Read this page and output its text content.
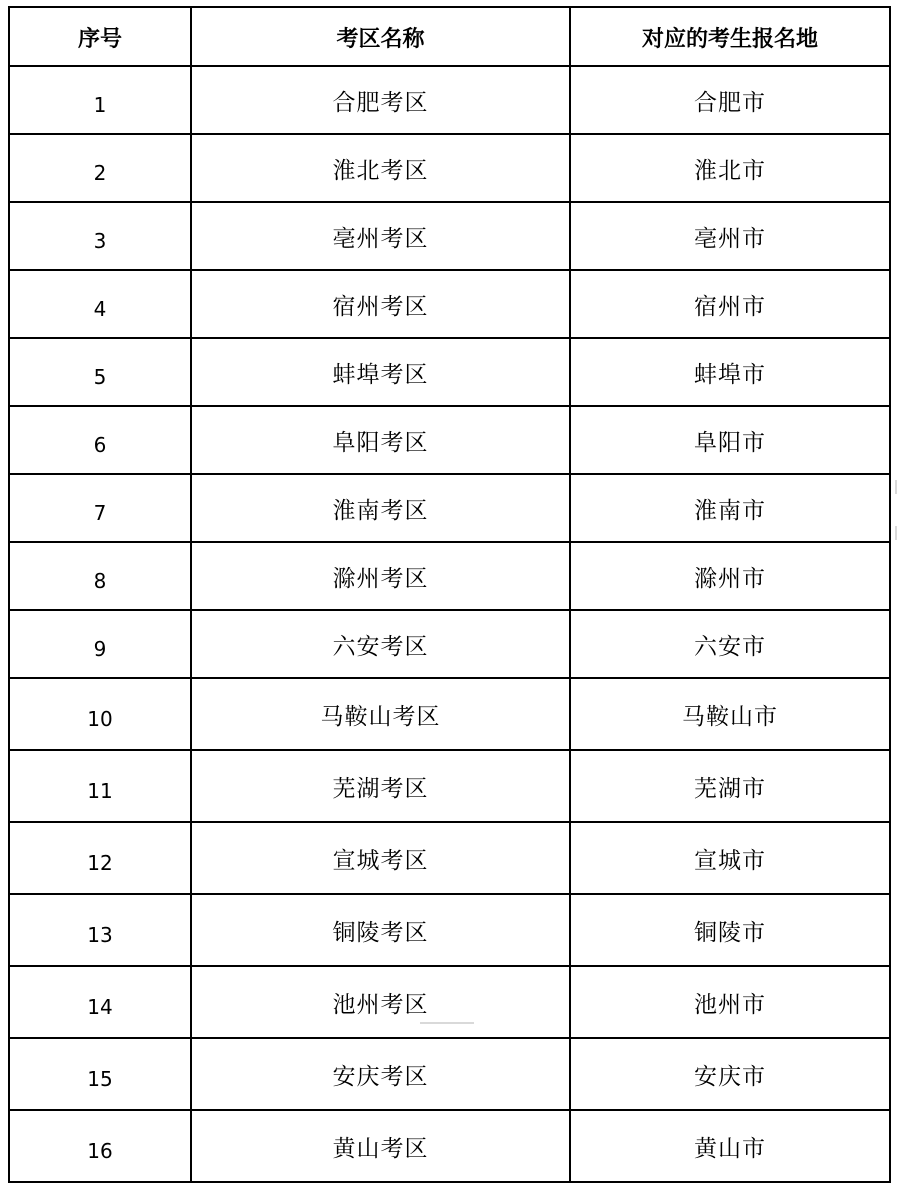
序号	考区名称	对应的考生报名地
1	合肥考区	合肥市
2	淮北考区	淮北市
3	亳州考区	亳州市
4	宿州考区	宿州市
5	蚌埠考区	蚌埠市
6	阜阳考区	阜阳市
7	淮南考区	淮南市
8	滁州考区	滁州市
9	六安考区	六安市
10	马鞍山考区	马鞍山市
11	芜湖考区	芜湖市
12	宣城考区	宣城市
13	铜陵考区	铜陵市
14	池州考区	池州市
15	安庆考区	安庆市
16	黄山考区	黄山市
